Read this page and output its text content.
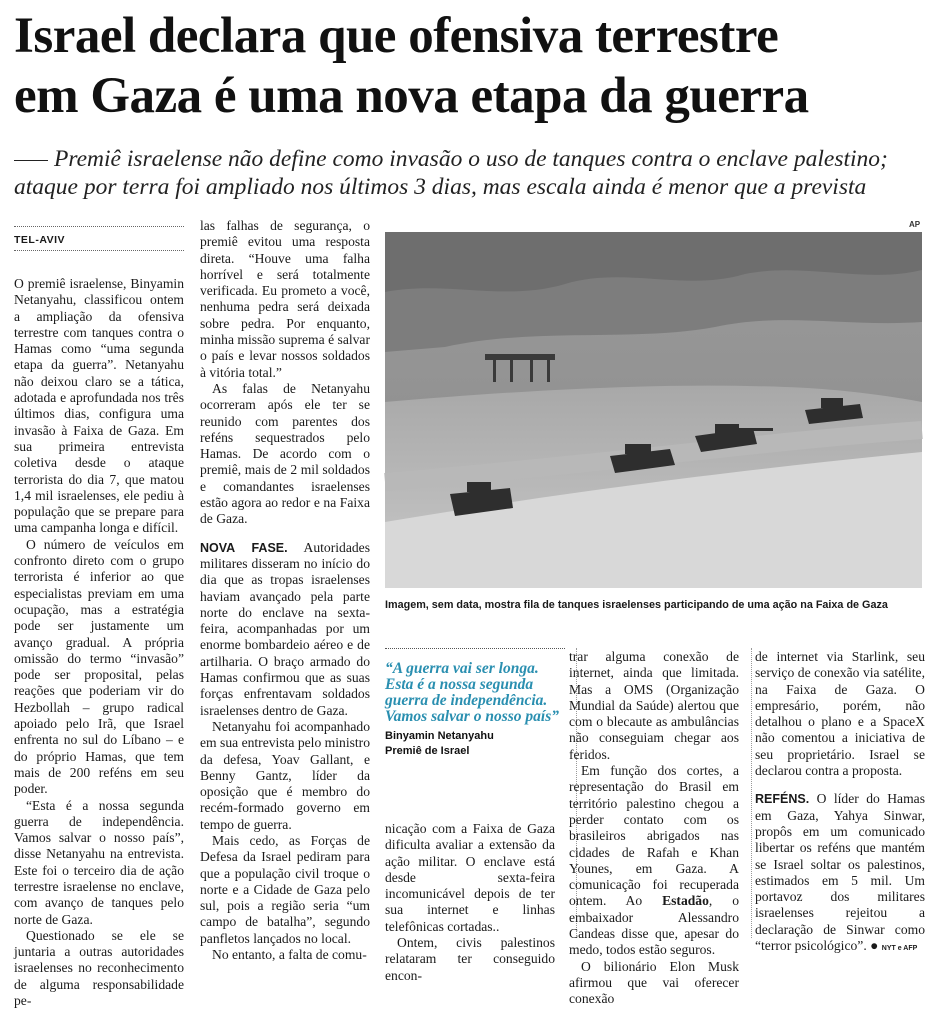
Israel declara que ofensiva terrestre
em Gaza é uma nova etapa da guerra
Premiê israelense não define como invasão o uso de tanques contra o enclave palestino; ataque por terra foi ampliado nos últimos 3 dias, mas escala ainda é menor que a prevista
TEL-AVIV

O premiê israelense, Binyamin Netanyahu, classificou ontem a ampliação da ofensiva terrestre com tanques contra o Hamas como “uma segunda etapa da guerra”. Netanyahu não deixou claro se a tática, adotada e aprofundada nos três últimos dias, configura uma invasão à Faixa de Gaza. Em sua primeira entrevista coletiva desde o ataque terrorista do dia 7, que matou 1,4 mil israelenses, ele pediu à população que se prepare para uma campanha longa e difícil.

O número de veículos em confronto direto com o grupo terrorista é inferior ao que especialistas previam em uma ocupação, mas a estratégia pode ser justamente um avanço gradual. A própria omissão do termo “invasão” pode ser proposital, pelas reações que poderiam vir do Hezbollah – grupo radical apoiado pelo Irã, que Israel enfrenta no sul do Líbano – e do próprio Hamas, que tem mais de 200 reféns em seu poder.

“Esta é a nossa segunda guerra de independência. Vamos salvar o nosso país”, disse Netanyahu na entrevista. Este foi o terceiro dia de ação terrestre israelense no enclave, com avanço de tanques pelo norte de Gaza.

Questionado se ele se juntaria a outras autoridades israelenses no reconhecimento de alguma responsabilidade pe-

las falhas de segurança, o premiê evitou uma resposta direta. “Houve uma falha horrível e será totalmente verificada. Eu prometo a você, nenhuma pedra será deixada sobre pedra. Por enquanto, minha missão suprema é salvar o país e levar nossos soldados à vitória total.”

As falas de Netanyahu ocorreram após ele ter se reunido com parentes dos reféns sequestrados pelo Hamas. De acordo com o premiê, mais de 2 mil soldados e comandantes israelenses estão agora ao redor e na Faixa de Gaza.

NOVA FASE. Autoridades militares disseram no início do dia que as tropas israelenses haviam avançado pela parte norte do enclave na sexta-feira, acompanhadas por um enorme bombardeio aéreo e de artilharia. O braço armado do Hamas confirmou que as suas forças enfrentavam soldados israelenses dentro de Gaza.

Netanyahu foi acompanhado em sua entrevista pelo ministro da defesa, Yoav Gallant, e Benny Gantz, líder da oposição que é membro do recém-formado governo em tempo de guerra.

Mais cedo, as Forças de Defesa da Israel pediram para que a população civil troque o norte e a Cidade de Gaza pelo sul, pois a região seria “um campo de batalha”, segundo panfletos lançados no local.

No entanto, a falta de comu-

AP
Imagem, sem data, mostra fila de tanques israelenses participando de uma ação na Faixa de Gaza
“A guerra vai ser longa. Esta é a nossa segunda guerra de independência. Vamos salvar o nosso país”
Binyamin Netanyahu
Premiê de Israel

nicação com a Faixa de Gaza dificulta avaliar a extensão da ação militar. O enclave está desde sexta-feira incomunicável depois de ter sua internet e linhas telefônicas cortadas..

Ontem, civis palestinos relataram ter conseguido encon-

trar alguma conexão de internet, ainda que limitada. Mas a OMS (Organização Mundial da Saúde) alertou que com o blecaute as ambulâncias não conseguiam chegar aos feridos.

Em função dos cortes, a representação do Brasil em território palestino chegou a perder contato com os brasileiros abrigados nas cidades de Rafah e Khan Younes, em Gaza. A comunicação foi recuperada ontem. Ao Estadão, o embaixador Alessandro Candeas disse que, apesar do medo, todos estão seguros.

O bilionário Elon Musk afirmou que vai oferecer conexão

de internet via Starlink, seu serviço de conexão via satélite, na Faixa de Gaza. O empresário, porém, não detalhou o plano e a SpaceX não comentou a iniciativa de seu proprietário. Israel se declarou contra a proposta.

REFÉNS. O líder do Hamas em Gaza, Yahya Sinwar, propôs em um comunicado libertar os reféns que mantém se Israel soltar os palestinos, estimados em 5 mil. Um portavoz dos militares israelenses rejeitou a declaração de Sinwar como “terror psicológico”. ● NYT e AFP
